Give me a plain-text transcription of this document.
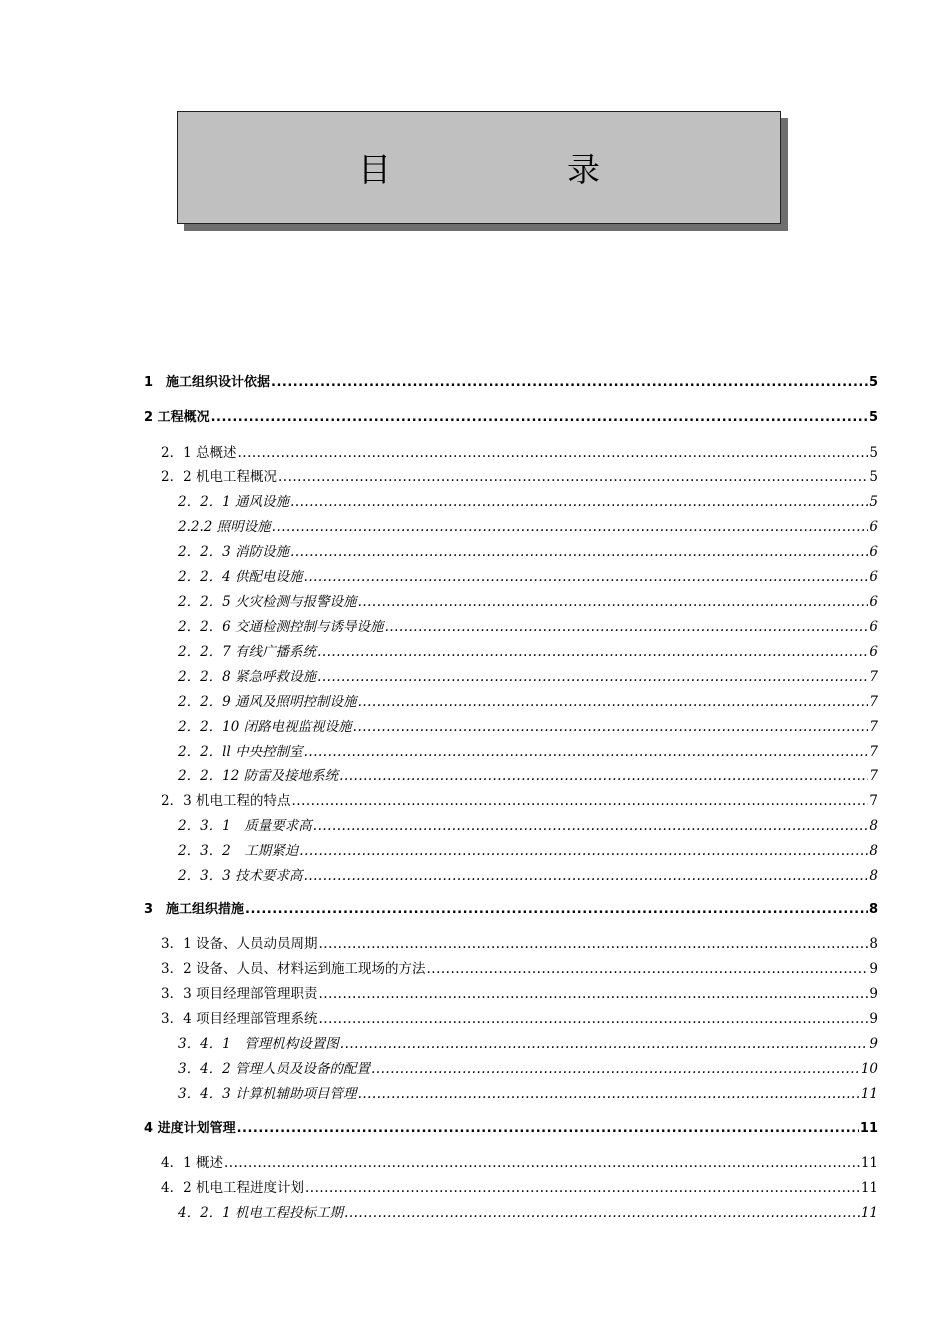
目	录
1　施工组织设计依据 .....	5
2 工程概况 .....	5
2．1 总概述 .....	5
2．2 机电工程概况 .....	5
2．2．1 通风设施 .....	5
2.2.2 照明设施 .....	6
2．2．3 消防设施 .....	6
2．2．4 供配电设施 .....	6
2．2．5 火灾检测与报警设施 .....	6
2．2．6 交通检测控制与诱导设施 .....	6
2．2．7 有线广播系统 .....	6
2．2．8 紧急呼救设施 .....	7
2．2．9 通风及照明控制设施 .....	7
2．2．10 闭路电视监视设施 .....	7
2．2．ll 中央控制室 .....	7
2．2．12 防雷及接地系统 .....	7
2．3 机电工程的特点 .....	7
2．3．1　质量要求高 .....	8
2．3．2　工期紧迫 .....	8
2．3．3 技术要求高 .....	8
3　施工组织措施 .....	8
3．1 设备、人员动员周期 .....	8
3．2 设备、人员、材料运到施工现场的方法 .....	9
3．3 项目经理部管理职责 .....	9
3．4 项目经理部管理系统 .....	9
3．4．1　管理机构设置图 .....	9
3．4．2 管理人员及设备的配置 .....	10
3．4．3 计算机辅助项目管理 .....	11
4 进度计划管理 .....	11
4．1 概述 .....	11
4．2 机电工程进度计划 .....	11
4．2．1 机电工程投标工期 .....	11
